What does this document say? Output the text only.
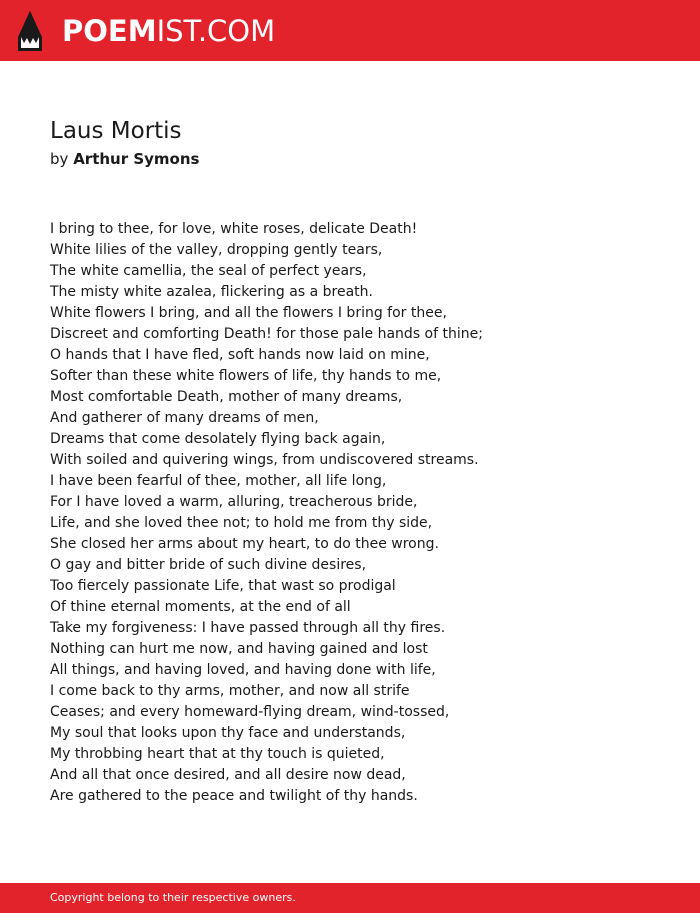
POEMIST.COM
Laus Mortis
by Arthur Symons
I bring to thee, for love, white roses, delicate Death!
White lilies of the valley, dropping gently tears,
The white camellia, the seal of perfect years,
The misty white azalea, flickering as a breath.
White flowers I bring, and all the flowers I bring for thee,
Discreet and comforting Death! for those pale hands of thine;
O hands that I have fled, soft hands now laid on mine,
Softer than these white flowers of life, thy hands to me,
Most comfortable Death, mother of many dreams,
And gatherer of many dreams of men,
Dreams that come desolately flying back again,
With soiled and quivering wings, from undiscovered streams.
I have been fearful of thee, mother, all life long,
For I have loved a warm, alluring, treacherous bride,
Life, and she loved thee not; to hold me from thy side,
She closed her arms about my heart, to do thee wrong.
O gay and bitter bride of such divine desires,
Too fiercely passionate Life, that wast so prodigal
Of thine eternal moments, at the end of all
Take my forgiveness: I have passed through all thy fires.
Nothing can hurt me now, and having gained and lost
All things, and having loved, and having done with life,
I come back to thy arms, mother, and now all strife
Ceases; and every homeward-flying dream, wind-tossed,
My soul that looks upon thy face and understands,
My throbbing heart that at thy touch is quieted,
And all that once desired, and all desire now dead,
Are gathered to the peace and twilight of thy hands.
Copyright belong to their respective owners.
